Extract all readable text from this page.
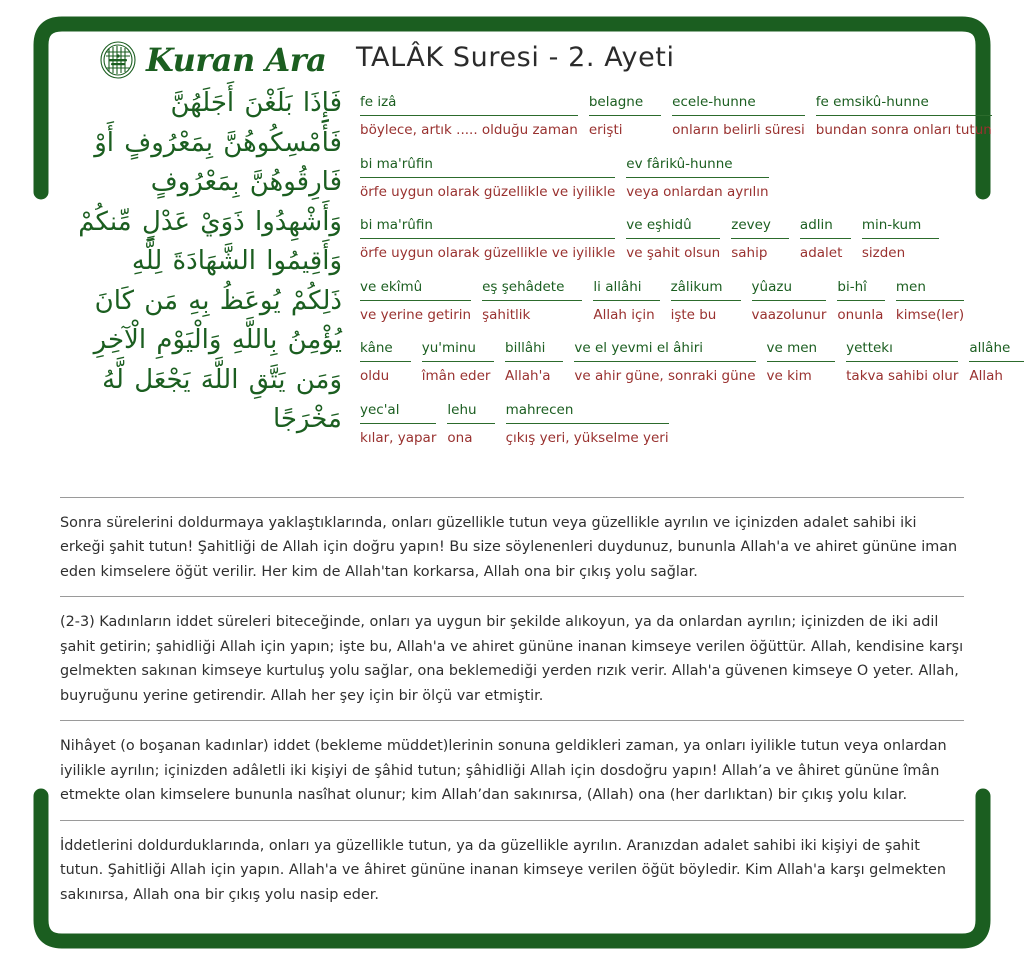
Kuran Ara TALÂK Suresi - 2. Ayeti
فَإِذَا بَلَغْنَ أَجَلَهُنَّ
فَأَمْسِكُوهُنَّ بِمَعْرُوفٍ أَوْ
فَارِقُوهُنَّ بِمَعْرُوفٍ
وَأَشْهِدُوا ذَوَيْ عَدْلٍ مِّنكُمْ
وَأَقِيمُوا الشَّهَادَةَ لِلَّهِ
ذَلِكُمْ يُوعَظُ بِهِ مَن كَانَ
يُؤْمِنُ بِاللَّهِ وَالْيَوْمِ الْآخِرِ
وَمَن يَتَّقِ اللَّهَ يَجْعَل لَّهُ
مَخْرَجًا
fe izâ
böylece, artık ..... olduğu zaman
belagne
erişti
ecele-hunne
onların belirli süresi
fe emsikû-hunne
bundan sonra onları tutun
bi ma'rûfin
örfe uygun olarak güzellikle ve iyilikle
ev fârikû-hunne
veya onlardan ayrılın
bi ma'rûfin
örfe uygun olarak güzellikle ve iyilikle
ve eşhidû
ve şahit olsun
zevey
sahip
adlin
adalet
min-kum
sizden
ve ekîmû
ve yerine getirin
eş şehâdete
şahitlik
li allâhi
Allah için
zâlikum
işte bu
yûazu
vaazolunur
bi-hî
onunla
men
kimse(ler)
kâne
oldu
yu'minu
îmân eder
billâhi
Allah'a
ve el yevmi el âhiri
ve ahir güne, sonraki güne
ve men
ve kim
yettekı
takva sahibi olur
allâhe
Allah
yec'al
kılar, yapar
lehu
ona
mahrecen
çıkış yeri, yükselme yeri

Sonra sürelerini doldurmaya yaklaştıklarında, onları güzellikle tutun veya güzellikle ayrılın ve içinizden adalet sahibi iki erkeği şahit tutun! Şahitliği de Allah için doğru yapın! Bu size söylenenleri duydunuz, bununla Allah'a ve ahiret gününe iman eden kimselere öğüt verilir. Her kim de Allah'tan korkarsa, Allah ona bir çıkış yolu sağlar.

(2-3) Kadınların iddet süreleri biteceğinde, onları ya uygun bir şekilde alıkoyun, ya da onlardan ayrılın; içinizden de iki adil şahit getirin; şahidliği Allah için yapın; işte bu, Allah'a ve ahiret gününe inanan kimseye verilen öğüttür. Allah, kendisine karşı gelmekten sakınan kimseye kurtuluş yolu sağlar, ona beklemediği yerden rızık verir. Allah'a güvenen kimseye O yeter. Allah, buyruğunu yerine getirendir. Allah her şey için bir ölçü var etmiştir.

Nihâyet (o boşanan kadınlar) iddet (bekleme müddet)lerinin sonuna geldikleri zaman, ya onları iyilikle tutun veya onlardan iyilikle ayrılın; içinizden adâletli iki kişiyi de şâhid tutun; şâhidliği Allah için dosdoğru yapın! Allah’a ve âhiret gününe îmân etmekte olan kimselere bununla nasîhat olunur; kim Allah’dan sakınırsa, (Allah) ona (her darlıktan) bir çıkış yolu kılar.

İddetlerini doldurduklarında, onları ya güzellikle tutun, ya da güzellikle ayrılın. Aranızdan adalet sahibi iki kişiyi de şahit tutun. Şahitliği Allah için yapın. Allah'a ve âhiret gününe inanan kimseye verilen öğüt böyledir. Kim Allah'a karşı gelmekten sakınırsa, Allah ona bir çıkış yolu nasip eder.
